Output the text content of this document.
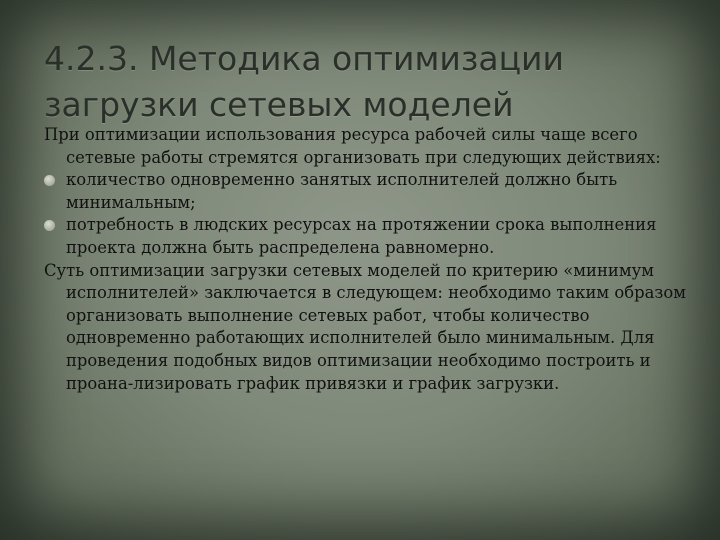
4.2.3. Методика оптимизации загрузки сетевых моделей

При оптимизации использования ресурса рабочей силы чаще всего сетевые работы стремятся организовать при следующих действиях:

количество одновременно занятых исполнителей должно быть минимальным;
потребность в людских ресурсах на протяжении срока выполнения проекта должна быть распределена равномерно.

Суть оптимизации загрузки сетевых моделей по критерию «минимум исполнителей» заключается в следующем: необходимо таким образом организовать выполнение сетевых работ, чтобы количество одновременно работающих исполнителей было минимальным. Для проведения подобных видов оптимизации необходимо построить и проана-лизировать график привязки и график загрузки.
